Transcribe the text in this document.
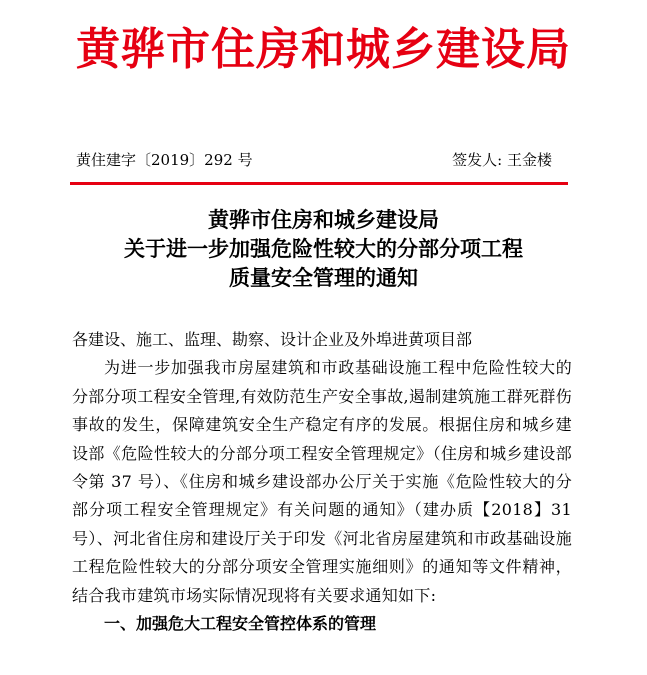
黄骅市住房和城乡建设局
黄住建字〔2019〕292 号	签发人: 王金楼
黄骅市住房和城乡建设局
关于进一步加强危险性较大的分部分项工程
质量安全管理的通知

各建设、施工、监理、勘察、设计企业及外埠进黄项目部

为进一步加强我市房屋建筑和市政基础设施工程中危险性较大的分部分项工程安全管理,有效防范生产安全事故,遏制建筑施工群死群伤事故的发生，保障建筑安全生产稳定有序的发展。根据住房和城乡建设部《危险性较大的分部分项工程安全管理规定》（住房和城乡建设部令第 37 号）、《住房和城乡建设部办公厅关于实施《危险性较大的分部分项工程安全管理规定》有关问题的通知》（建办质【2018】31 号）、河北省住房和建设厅关于印发《河北省房屋建筑和市政基础设施工程危险性较大的分部分项安全管理实施细则》的通知等文件精神，结合我市建筑市场实际情况现将有关要求通知如下:

一、加强危大工程安全管控体系的管理
